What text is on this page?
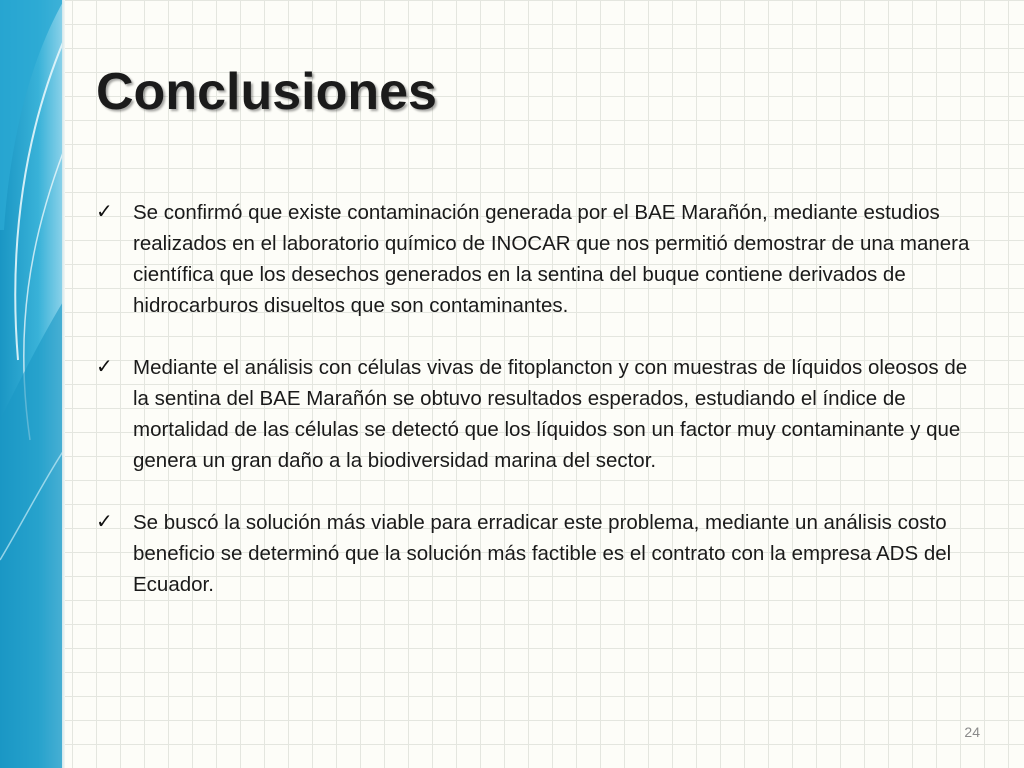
Conclusiones
✓ Se confirmó que existe contaminación generada por el BAE Marañón, mediante estudios realizados en el laboratorio químico de INOCAR que nos permitió demostrar de una manera científica que los desechos generados en la sentina del buque contiene derivados de hidrocarburos disueltos que son contaminantes.
✓ Mediante el análisis con células vivas de fitoplancton y con muestras de líquidos oleosos de la sentina del BAE Marañón se obtuvo resultados esperados, estudiando el índice de mortalidad de las células se detectó que los líquidos son un factor muy contaminante y que genera un gran daño a la biodiversidad marina del sector.
✓ Se buscó la solución más viable para erradicar este problema, mediante un análisis costo beneficio se determinó que la solución más factible es el contrato con la empresa ADS del Ecuador.
24
